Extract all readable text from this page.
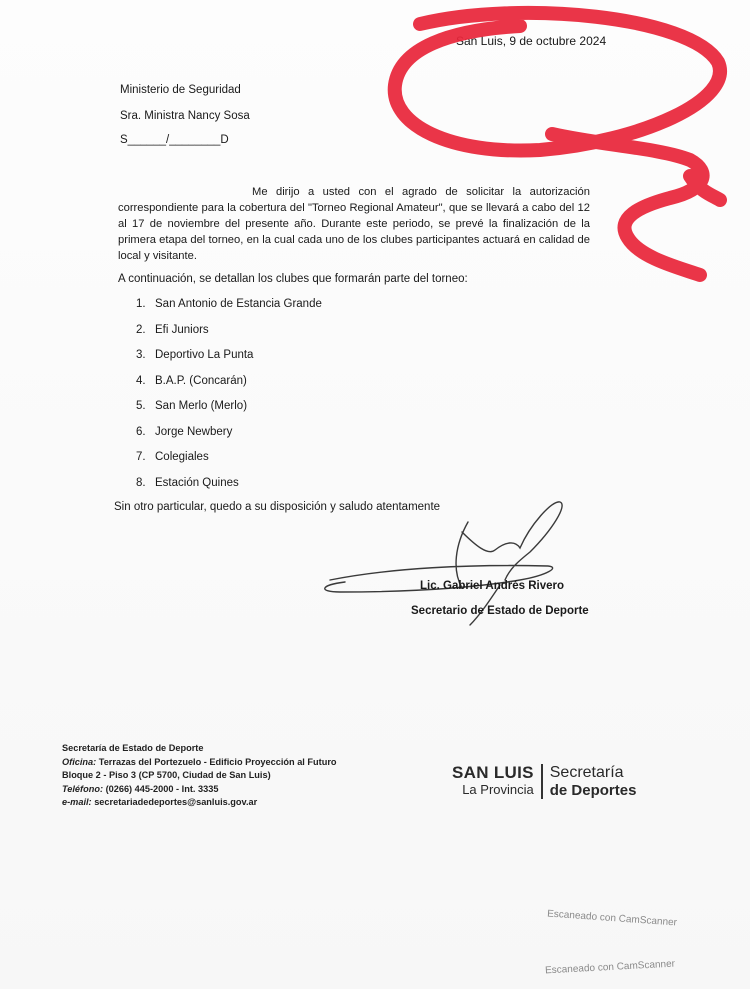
San Luis, 9 de octubre 2024
Ministerio de Seguridad
Sra. Ministra Nancy Sosa
S______/________D
Me dirijo a usted con el agrado de solicitar la autorización correspondiente para la cobertura del "Torneo Regional Amateur", que se llevará a cabo del 12 al 17 de noviembre del presente año. Durante este periodo, se prevé la finalización de la primera etapa del torneo, en la cual cada uno de los clubes participantes actuará en calidad de local y visitante.
A continuación, se detallan los clubes que formarán parte del torneo:
1. San Antonio de Estancia Grande
2. Efi Juniors
3. Deportivo La Punta
4. B.A.P. (Concarán)
5. San Merlo (Merlo)
6. Jorge Newbery
7. Colegiales
8. Estación Quines
Sin otro particular, quedo a su disposición y saludo atentamente
Lic. Gabriel Andrés Rivero
Secretario de Estado de Deporte
Secretaría de Estado de Deporte
Oficina: Terrazas del Portezuelo - Edificio Proyección al Futuro
Bloque 2 - Piso 3 (CP 5700, Ciudad de San Luis)
Teléfono: (0266) 445-2000 - Int. 3335
e-mail: secretariadedeportes@sanluis.gov.ar
SAN LUIS
La Provincia
Secretaría
de Deportes
Escaneado con CamScanner
Escaneado con CamScanner
